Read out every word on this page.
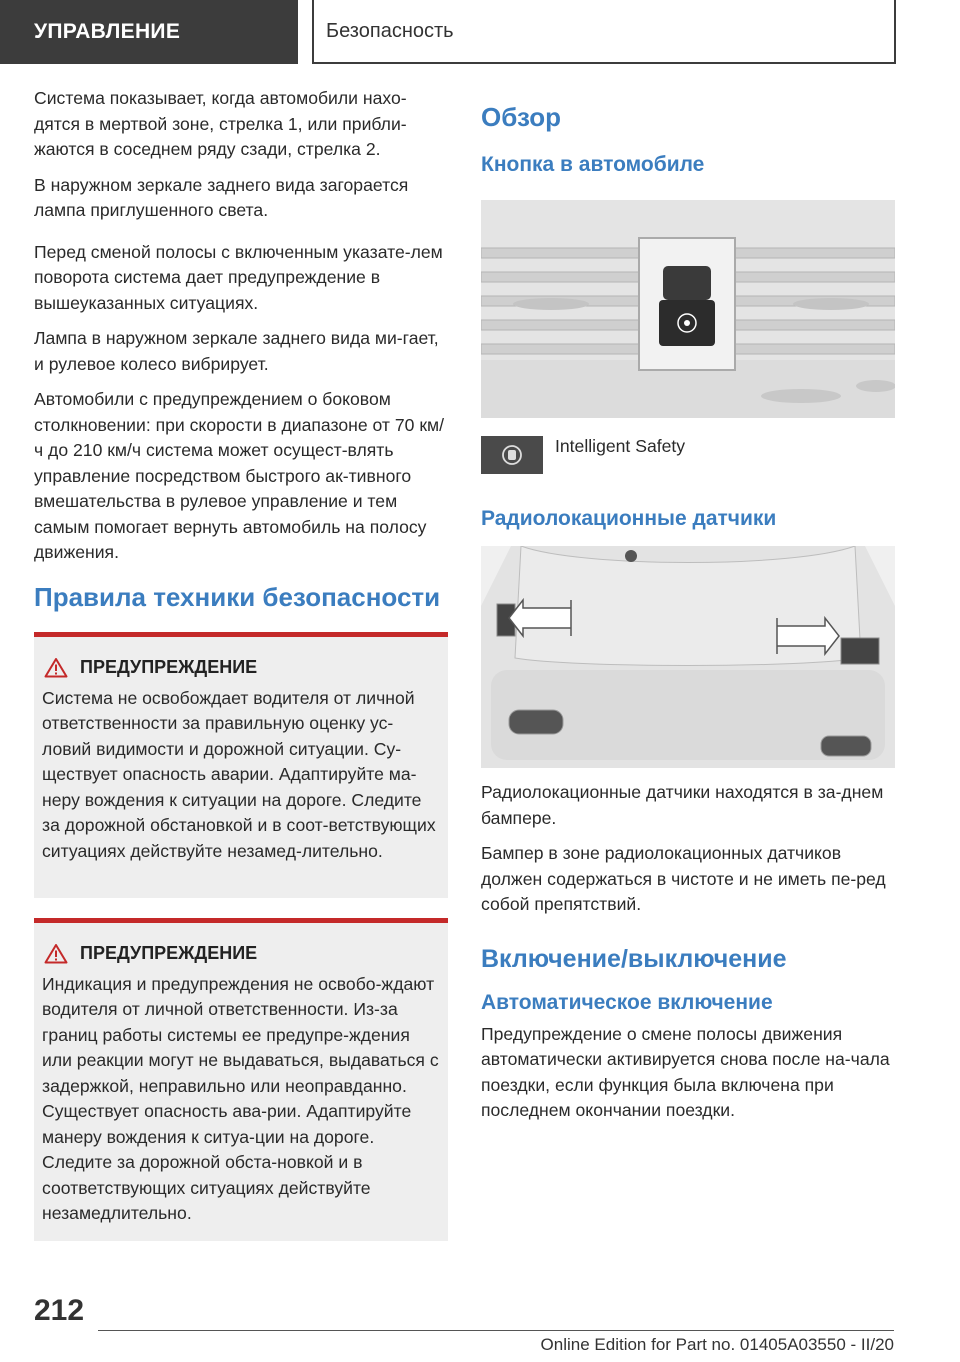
УПРАВЛЕНИЕ	Безопасность

Система показывает, когда автомобили нахо-дятся в мертвой зоне, стрелка 1, или прибли-жаются в соседнем ряду сзади, стрелка 2.

В наружном зеркале заднего вида загорается лампа приглушенного света.

Перед сменой полосы с включенным указате-лем поворота система дает предупреждение в вышеуказанных ситуациях.

Лампа в наружном зеркале заднего вида ми-гает, и рулевое колесо вибрирует.

Автомобили с предупреждением о боковом столкновении: при скорости в диапазоне от 70 км/ч до 210 км/ч система может осущест-влять управление посредством быстрого ак-тивного вмешательства в рулевое управление и тем самым помогает вернуть автомобиль на полосу движения.

Правила техники безопасности
ПРЕДУПРЕЖДЕНИЕ

Система не освобождает водителя от личной ответственности за правильную оценку ус-ловий видимости и дорожной ситуации. Су-ществует опасность аварии. Адаптируйте ма-неру вождения к ситуации на дороге. Следите за дорожной обстановкой и в соот-ветствующих ситуациях действуйте незамед-лительно.

ПРЕДУПРЕЖДЕНИЕ

Индикация и предупреждения не освобо-ждают водителя от личной ответственности. Из-за границ работы системы ее предупре-ждения или реакции могут не выдаваться, выдаваться с задержкой, неправильно или неоправданно. Существует опасность ава-рии. Адаптируйте манеру вождения к ситуа-ции на дороге. Следите за дорожной обста-новкой и в соответствующих ситуациях действуйте незамедлительно.

Обзор
Кнопка в автомобиле

Intelligent Safety

Радиолокационные датчики

Радиолокационные датчики находятся в за-днем бампере.

Бампер в зоне радиолокационных датчиков должен содержаться в чистоте и не иметь пе-ред собой препятствий.

Включение/выключение
Автоматическое включение

Предупреждение о смене полосы движения автоматически активируется снова после на-чала поездки, если функция была включена при последнем окончании поездки.

212
Online Edition for Part no. 01405A03550 - II/20
